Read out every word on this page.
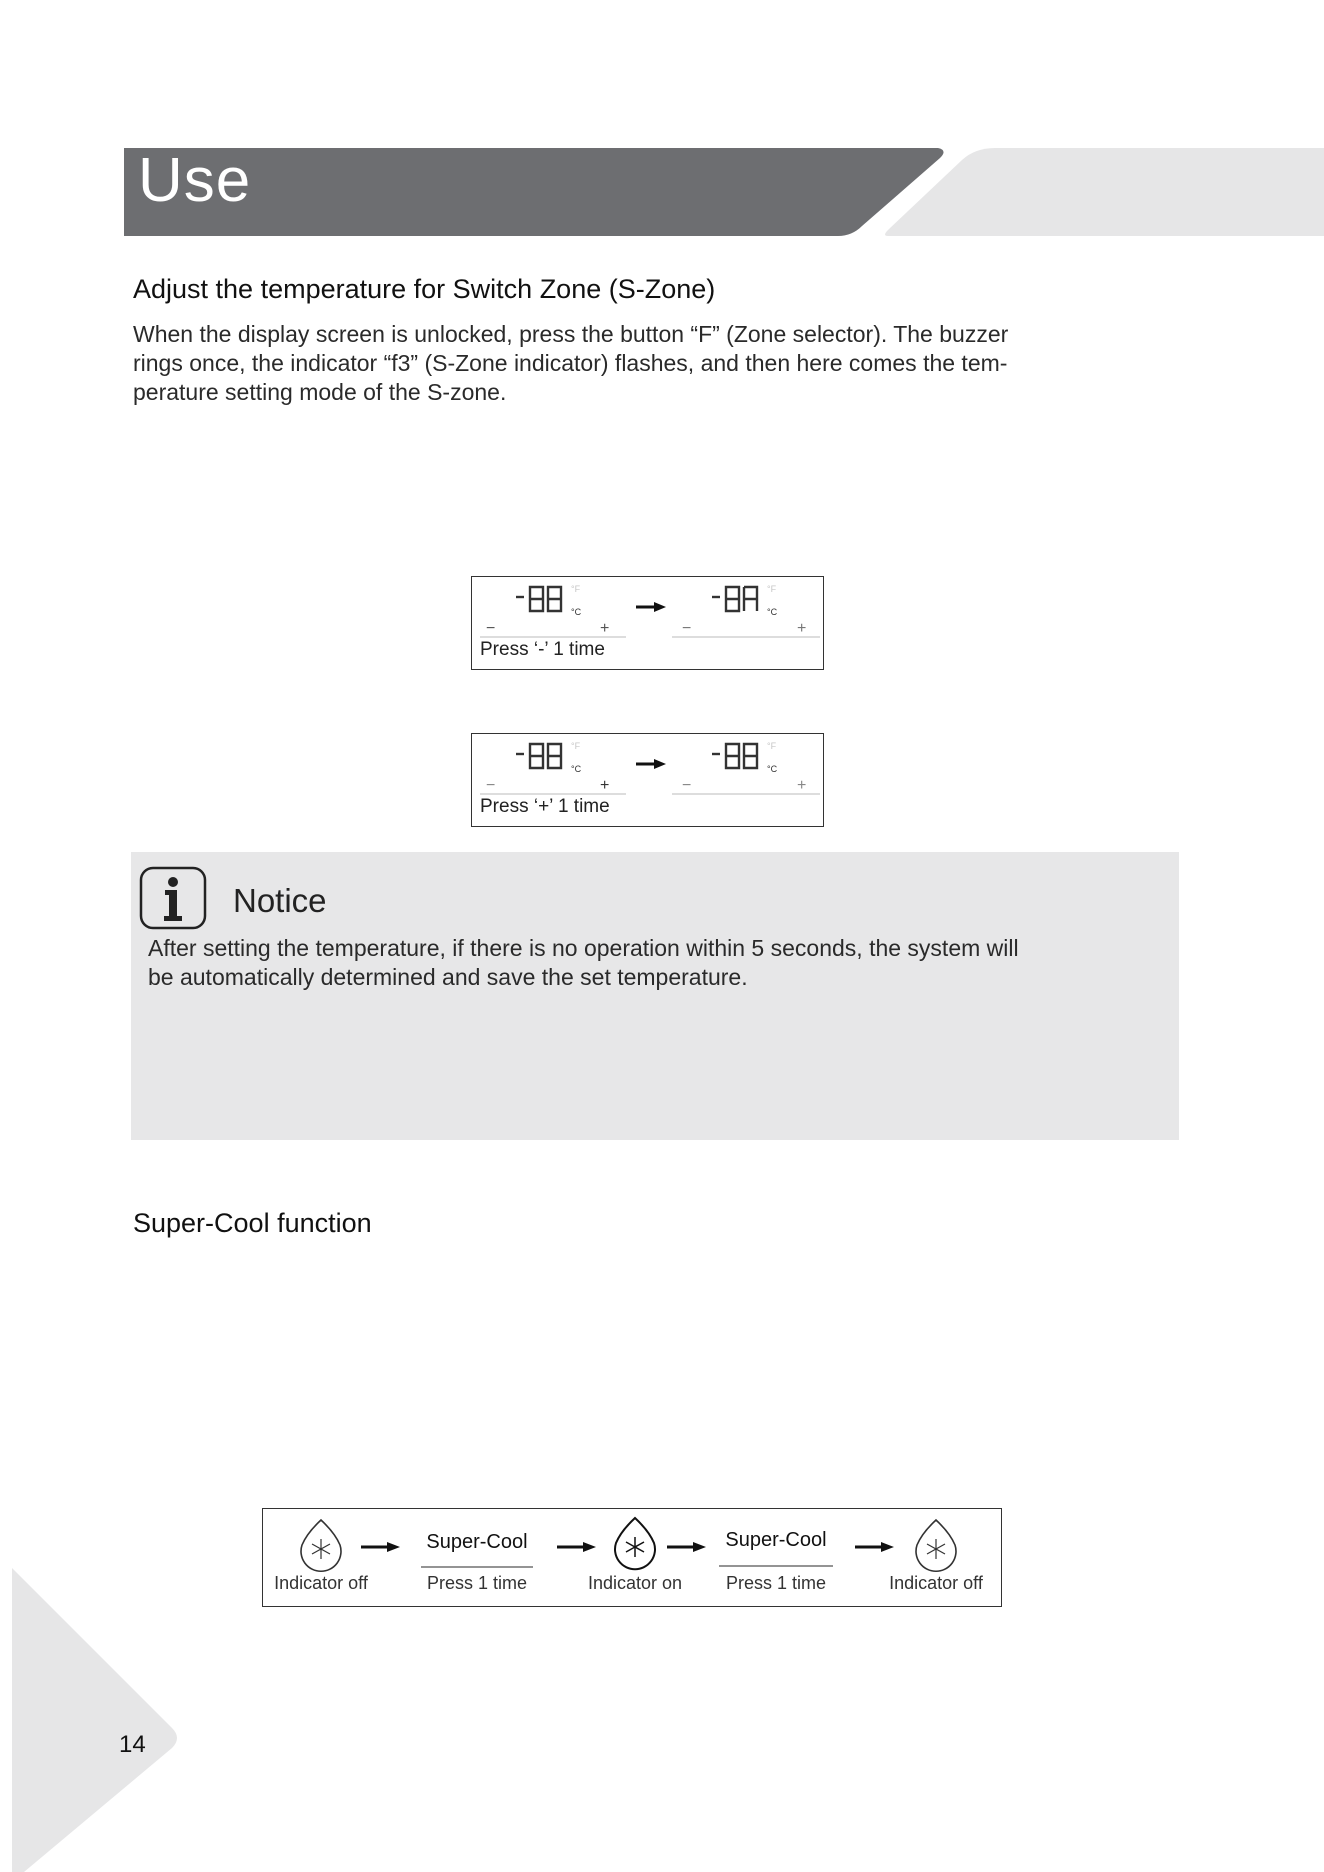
Use
Adjust the temperature for Switch Zone (S-Zone)
When the display screen is unlocked, press the button “F” (Zone selector). The buzzer
rings once, the indicator “f3” (S-Zone indicator) flashes, and then here comes the tem-
perature setting mode of the S-zone.
°F
°C
−	+
°F
°C
−	+
Press ‘-’ 1 time
°F
°C
−	+
°F
°C
−	+
Press ‘+’ 1 time
Notice
After setting the temperature, if there is no operation within 5 seconds, the system will
be automatically determined and save the set temperature.
Super-Cool function
Indicator off
Super-Cool
Press 1 time	Indicator on
Super-Cool
Press 1 time	Indicator off
14
